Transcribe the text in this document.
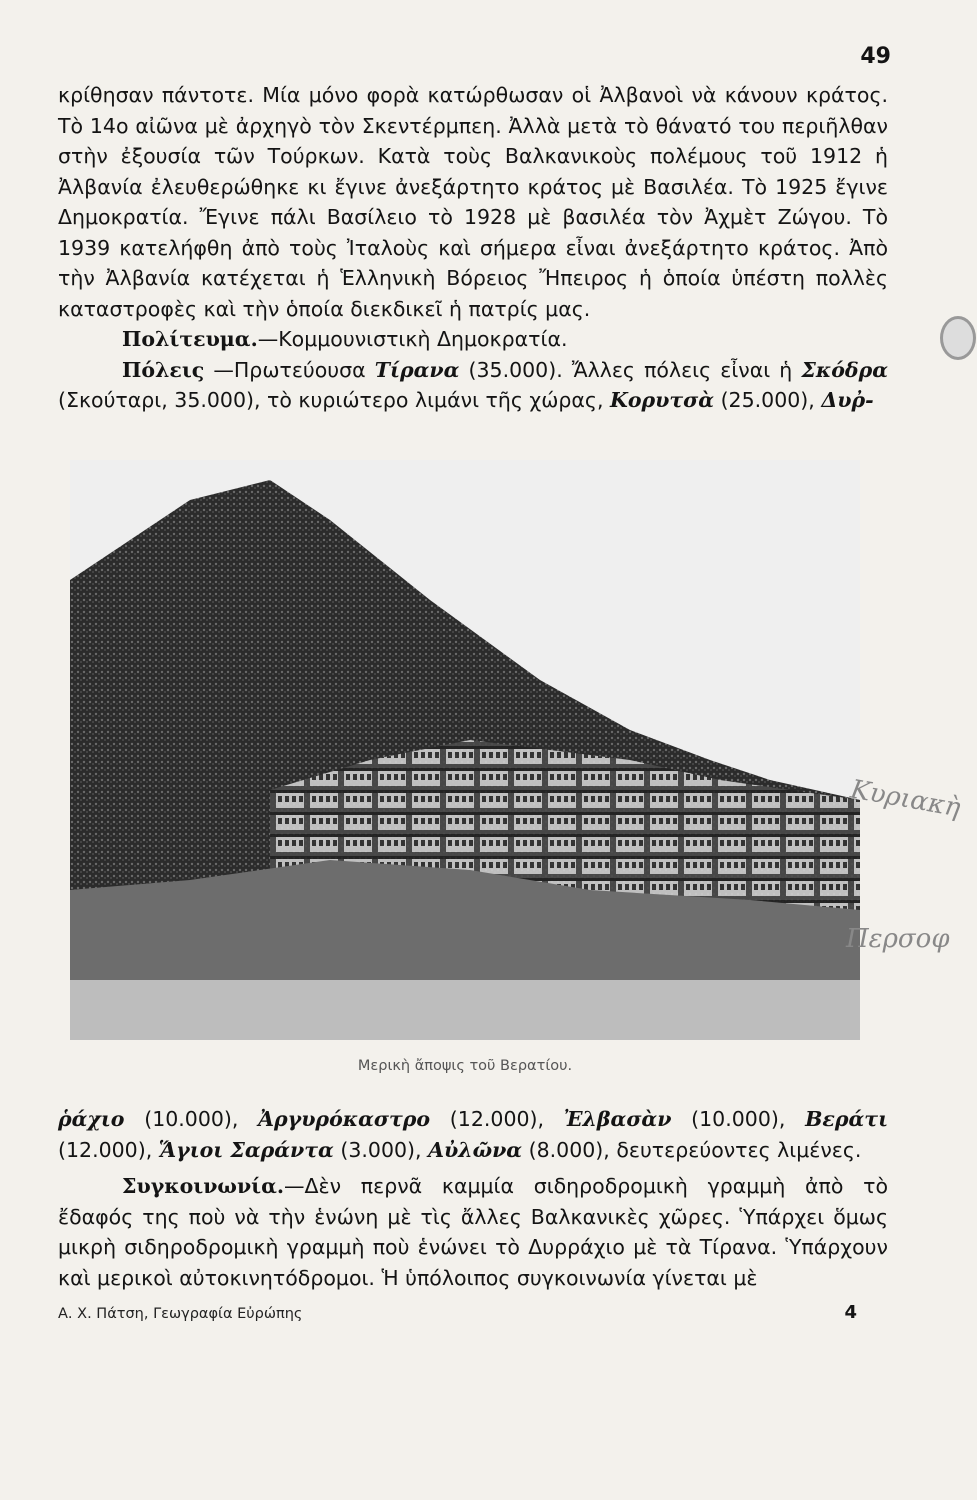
49

κρίθησαν πάντοτε. Μία μόνο φορὰ κατώρθωσαν οἱ Ἀλβανοὶ νὰ κάνουν κράτος. Τὸ 14ο αἰῶνα μὲ ἀρχηγὸ τὸν Σκεντέρμπεη. Ἀλλὰ μετὰ τὸ θάνατό του περιῆλθαν στὴν ἐξουσία τῶν Τούρκων. Κατὰ τοὺς Βαλκανικοὺς πολέμους τοῦ 1912 ἡ Ἀλβανία ἐλευθερώθηκε κι ἔγινε ἀνεξάρτητο κράτος μὲ Βασιλέα. Τὸ 1925 ἔγινε Δημοκρατία. Ἔγινε πάλι Βασίλειο τὸ 1928 μὲ βασιλέα τὸν Ἀχμὲτ Ζώγου. Τὸ 1939 κατελήφθη ἀπὸ τοὺς Ἰταλοὺς καὶ σήμερα εἶναι ἀνεξάρτητο κράτος. Ἀπὸ τὴν Ἀλβανία κατέχεται ἡ Ἑλληνικὴ Βόρειος Ἤπειρος ἡ ὁποία ὑπέστη πολλὲς καταστροφὲς καὶ τὴν ὁποία διεκδικεῖ ἡ πατρίς μας.

Πολίτευμα.—Κομμουνιστικὴ Δημοκρατία.

Πόλεις —Πρωτεύουσα Τίρανα (35.000). Ἄλλες πόλεις εἶναι ἡ Σκόδρα (Σκούταρι, 35.000), τὸ κυριώτερο λιμάνι τῆς χώρας, Κορυτσὰ (25.000), Δυῤ-

Μερικὴ ἄποψις τοῦ Βερατίου.
Κυριακὴ
Περσοφ

ῥάχιο (10.000), Ἀργυρόκαστρο (12.000), Ἐλβασὰν (10.000), Βεράτι (12.000), Ἅγιοι Σαράντα (3.000), Αὐλῶνα (8.000), δευτερεύοντες λιμένες.

Συγκοινωνία.—Δὲν περνᾶ καμμία σιδηροδρομικὴ γραμμὴ ἀπὸ τὸ ἔδαφός της ποὺ νὰ τὴν ἑνώνη μὲ τὶς ἄλλες Βαλκανικὲς χῶρες. Ὑπάρχει ὅμως μικρὴ σιδηροδρομικὴ γραμμὴ ποὺ ἑνώνει τὸ Δυρράχιο μὲ τὰ Τίρανα. Ὑπάρχουν καὶ μερικοὶ αὐτοκινητόδρομοι. Ἡ ὑπόλοιπος συγκοινωνία γίνεται μὲ

Α. Χ. Πάτση, Γεωγραφία Εὐρώπης	4
